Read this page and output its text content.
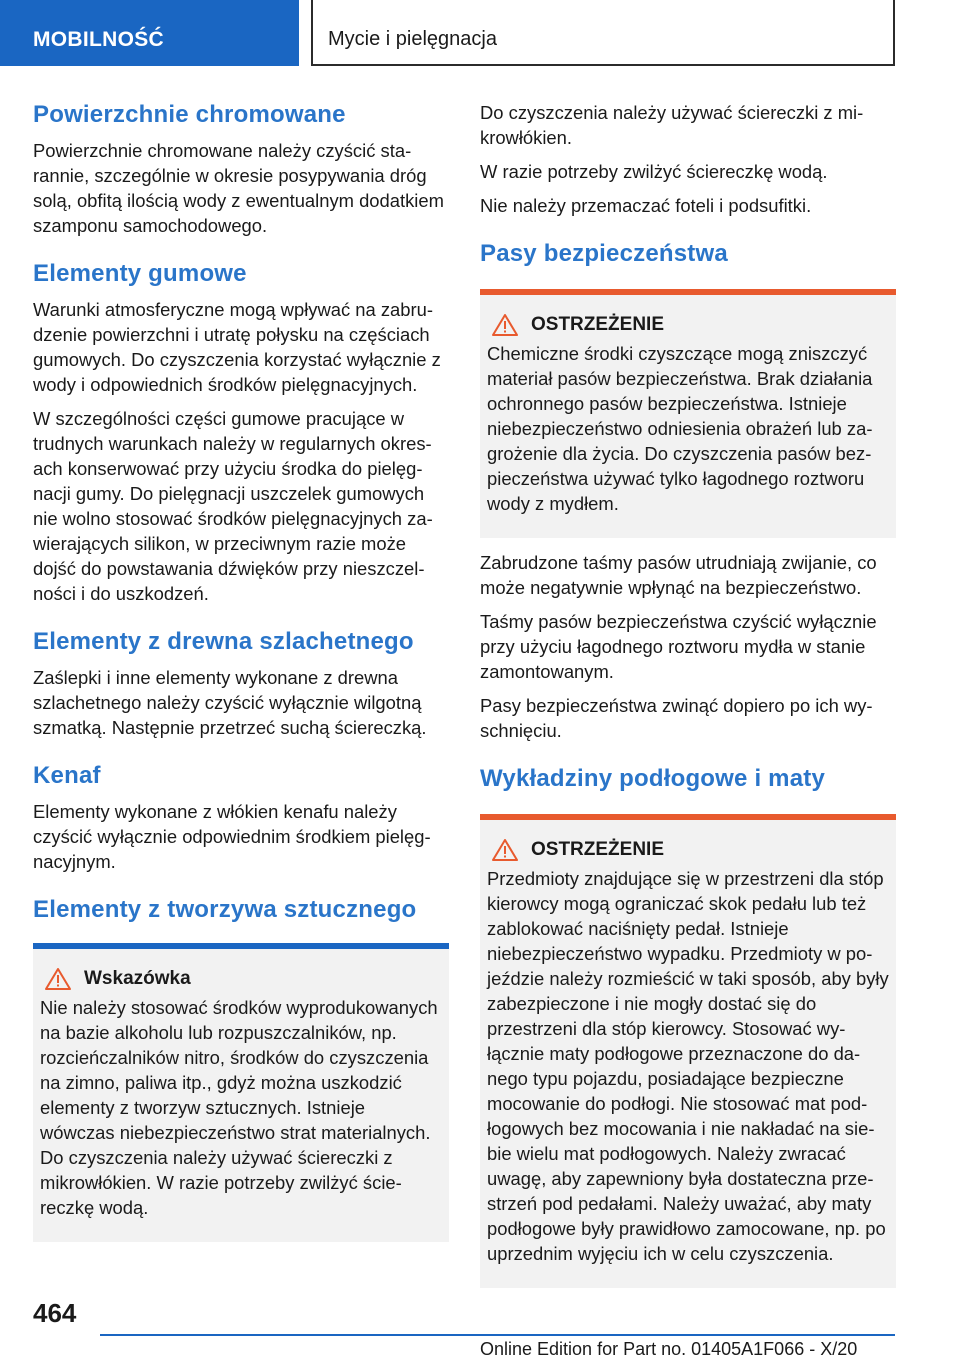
MOBILNOŚĆ	Mycie i pielęgnacja
Powierzchnie chromowane

Powierzchnie chromowane należy czyścić starannie, szczególnie w okresie posypywania dróg solą, obfitą ilością wody z ewentualnym dodatkiem szamponu samochodowego.

Elementy gumowe

Warunki atmosferyczne mogą wpływać na zabrudzenie powierzchni i utratę połysku na częściach gumowych. Do czyszczenia korzystać wyłącznie z wody i odpowiednich środków pielęgnacyjnych.

W szczególności części gumowe pracujące w trudnych warunkach należy w regularnych okresach konserwować przy użyciu środka do pielęgnacji gumy. Do pielęgnacji uszczelek gumowych nie wolno stosować środków pielęgnacyjnych zawierających silikon, w przeciwnym razie może dojść do powstawania dźwięków przy nieszczelności i do uszkodzeń.

Elementy z drewna szlachetnego

Zaślepki i inne elementy wykonane z drewna szlachetnego należy czyścić wyłącznie wilgotną szmatką. Następnie przetrzeć suchą ściereczką.

Kenaf

Elementy wykonane z włókien kenafu należy czyścić wyłącznie odpowiednim środkiem pielęgnacyjnym.

Elementy z tworzywa sztucznego
Wskazówka

Nie należy stosować środków wyprodukowanych na bazie alkoholu lub rozpuszczalników, np. rozcieńczalników nitro, środków do czyszczenia na zimno, paliwa itp., gdyż można uszkodzić elementy z tworzyw sztucznych. Istnieje wówczas niebezpieczeństwo strat materialnych. Do czyszczenia należy używać ściereczki z mikrowłókien. W razie potrzeby zwilżyć ściereczkę wodą.

Do czyszczenia należy używać ściereczki z mikrowłókien.

W razie potrzeby zwilżyć ściereczkę wodą.

Nie należy przemaczać foteli i podsufitki.

Pasy bezpieczeństwa
OSTRZEŻENIE

Chemiczne środki czyszczące mogą zniszczyć materiał pasów bezpieczeństwa. Brak działania ochronnego pasów bezpieczeństwa. Istnieje niebezpieczeństwo odniesienia obrażeń lub zagrożenie dla życia. Do czyszczenia pasów bezpieczeństwa używać tylko łagodnego roztworu wody z mydłem.

Zabrudzone taśmy pasów utrudniają zwijanie, co może negatywnie wpłynąć na bezpieczeństwo.

Taśmy pasów bezpieczeństwa czyścić wyłącznie przy użyciu łagodnego roztworu mydła w stanie zamontowanym.

Pasy bezpieczeństwa zwinąć dopiero po ich wyschnięciu.

Wykładziny podłogowe i maty
OSTRZEŻENIE

Przedmioty znajdujące się w przestrzeni dla stóp kierowcy mogą ograniczać skok pedału lub też zablokować naciśnięty pedał. Istnieje niebezpieczeństwo wypadku. Przedmioty w pojeździe należy rozmieścić w taki sposób, aby były zabezpieczone i nie mogły dostać się do przestrzeni dla stóp kierowcy. Stosować wyłącznie maty podłogowe przeznaczone do danego typu pojazdu, posiadające bezpieczne mocowanie do podłogi. Nie stosować mat podłogowych bez mocowania i nie nakładać na siebie wielu mat podłogowych. Należy zwracać uwagę, aby zapewniony była dostateczna przestrzeń pod pedałami. Należy uważać, aby maty podłogowe były prawidłowo zamocowane, np. po uprzednim wyjęciu ich w celu czyszczenia.

464
Online Edition for Part no. 01405A1F066 - X/20
